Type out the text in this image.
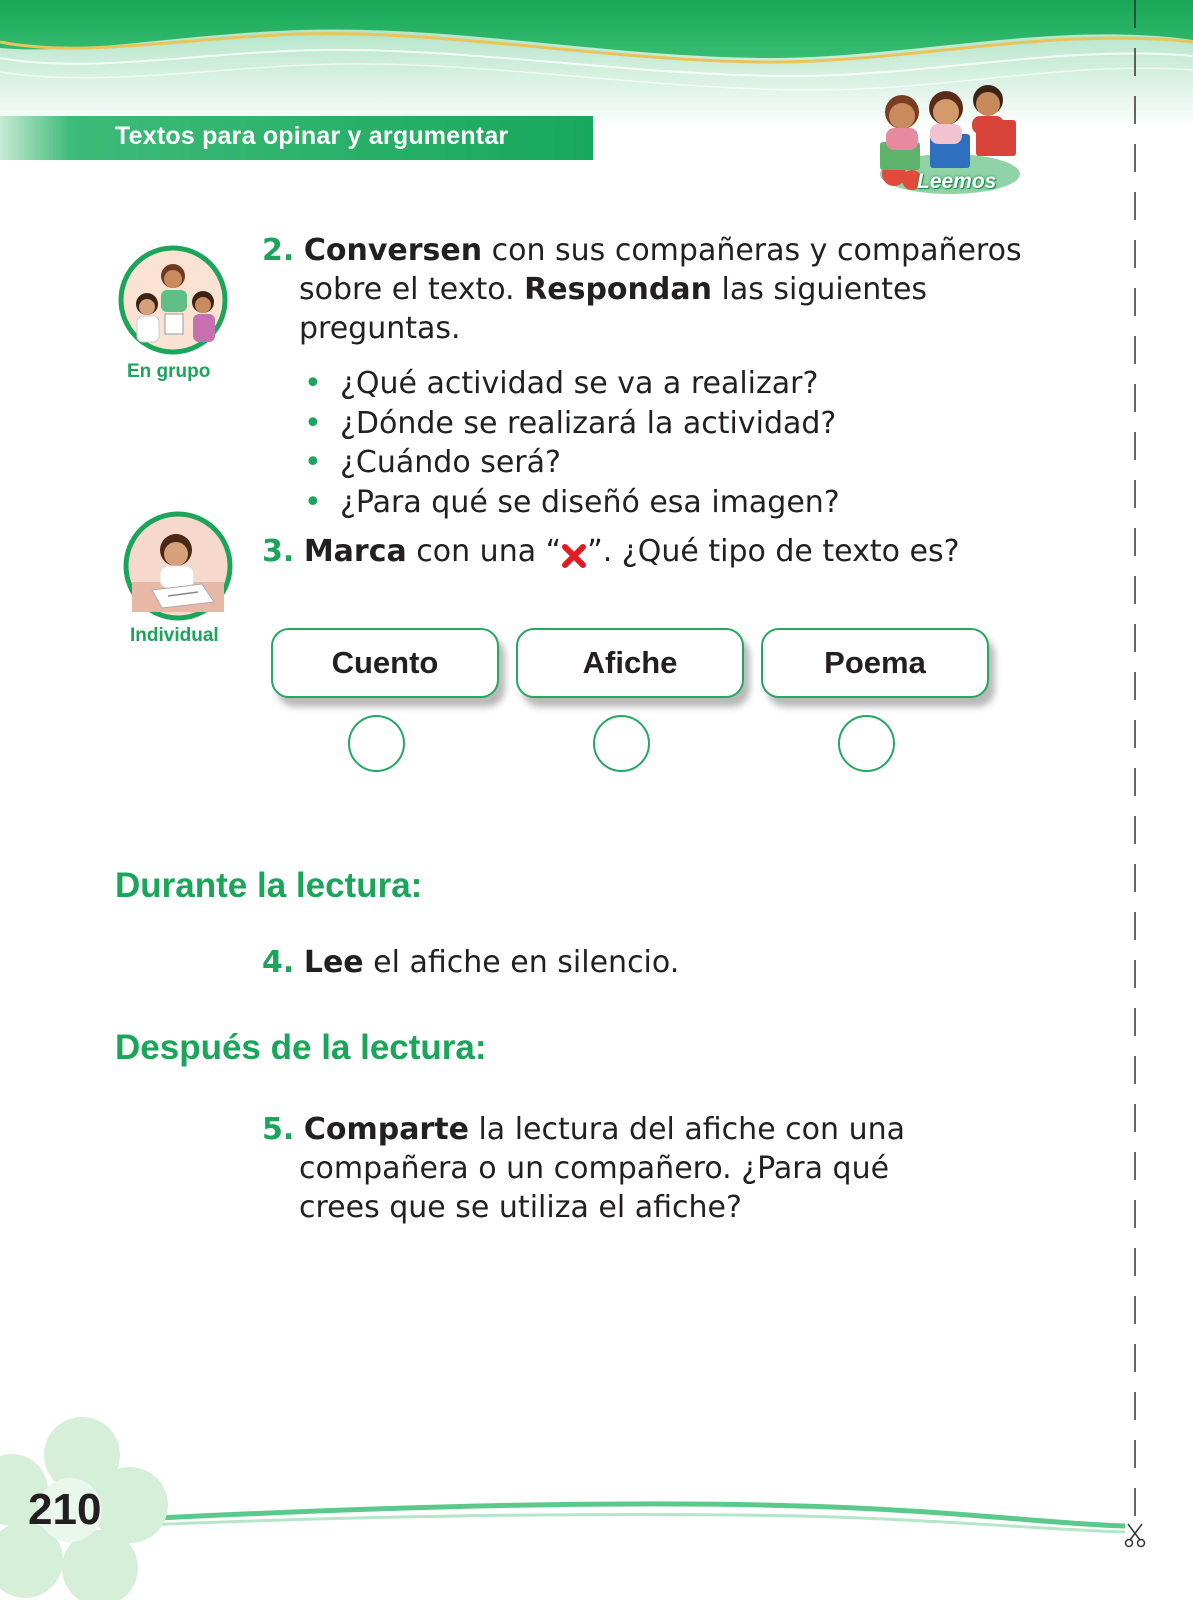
Textos para opinar y argumentar
Leemos
En grupo
2. Conversen con sus compañeras y compañeros
sobre el texto. Respondan las siguientes
preguntas.
• ¿Qué actividad se va a realizar?
• ¿Dónde se realizará la actividad?
• ¿Cuándo será?
• ¿Para qué se diseñó esa imagen?
Individual
3. Marca con una “ ”. ¿Qué tipo de texto es?
Cuento	Afiche	Poema
Durante la lectura:
4. Lee el afiche en silencio.
Después de la lectura:
5. Comparte la lectura del afiche con una
compañera o un compañero. ¿Para qué
crees que se utiliza el afiche?
210
